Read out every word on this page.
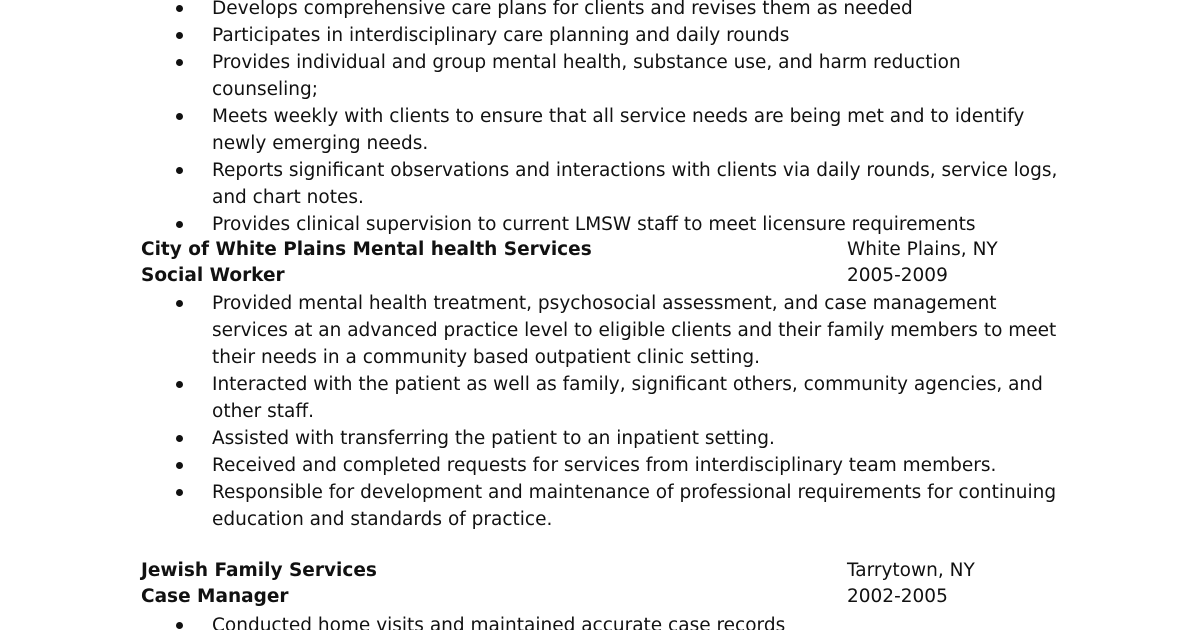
Develops comprehensive care plans for clients and revises them as needed
Participates in interdisciplinary care planning and daily rounds
Provides individual and group mental health, substance use, and harm reduction counseling;
Meets weekly with clients to ensure that all service needs are being met and to identify newly emerging needs.
Reports significant observations and interactions with clients via daily rounds, service logs, and chart notes.
Provides clinical supervision to current LMSW staff to meet licensure requirements
City of White Plains Mental health Services	White Plains, NY
Social Worker	2005-2009
Provided mental health treatment, psychosocial assessment, and case management services at an advanced practice level to eligible clients and their family members to meet their needs in a community based outpatient clinic setting.
Interacted with the patient as well as family, significant others, community agencies, and other staff.
Assisted with transferring the patient to an inpatient setting.
Received and completed requests for services from interdisciplinary team members.
Responsible for development and maintenance of professional requirements for continuing education and standards of practice.
Jewish Family Services	Tarrytown, NY
Case Manager	2002-2005
Conducted home visits and maintained accurate case records
